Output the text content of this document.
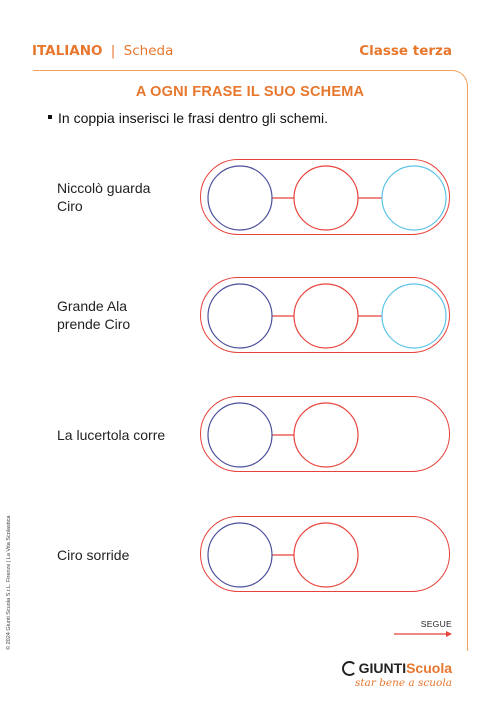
ITALIANO | Scheda	Classe terza
A OGNI FRASE IL SUO SCHEMA
In coppia inserisci le frasi dentro gli schemi.
Niccolò guarda
Ciro
Grande Ala
prende Ciro
La lucertola corre
Ciro sorride
© 2024 Giunti Scuola S.r.L. Firenze | La Vita Scolastica	SEGUE
GIUNTIScuola
star bene a scuola
